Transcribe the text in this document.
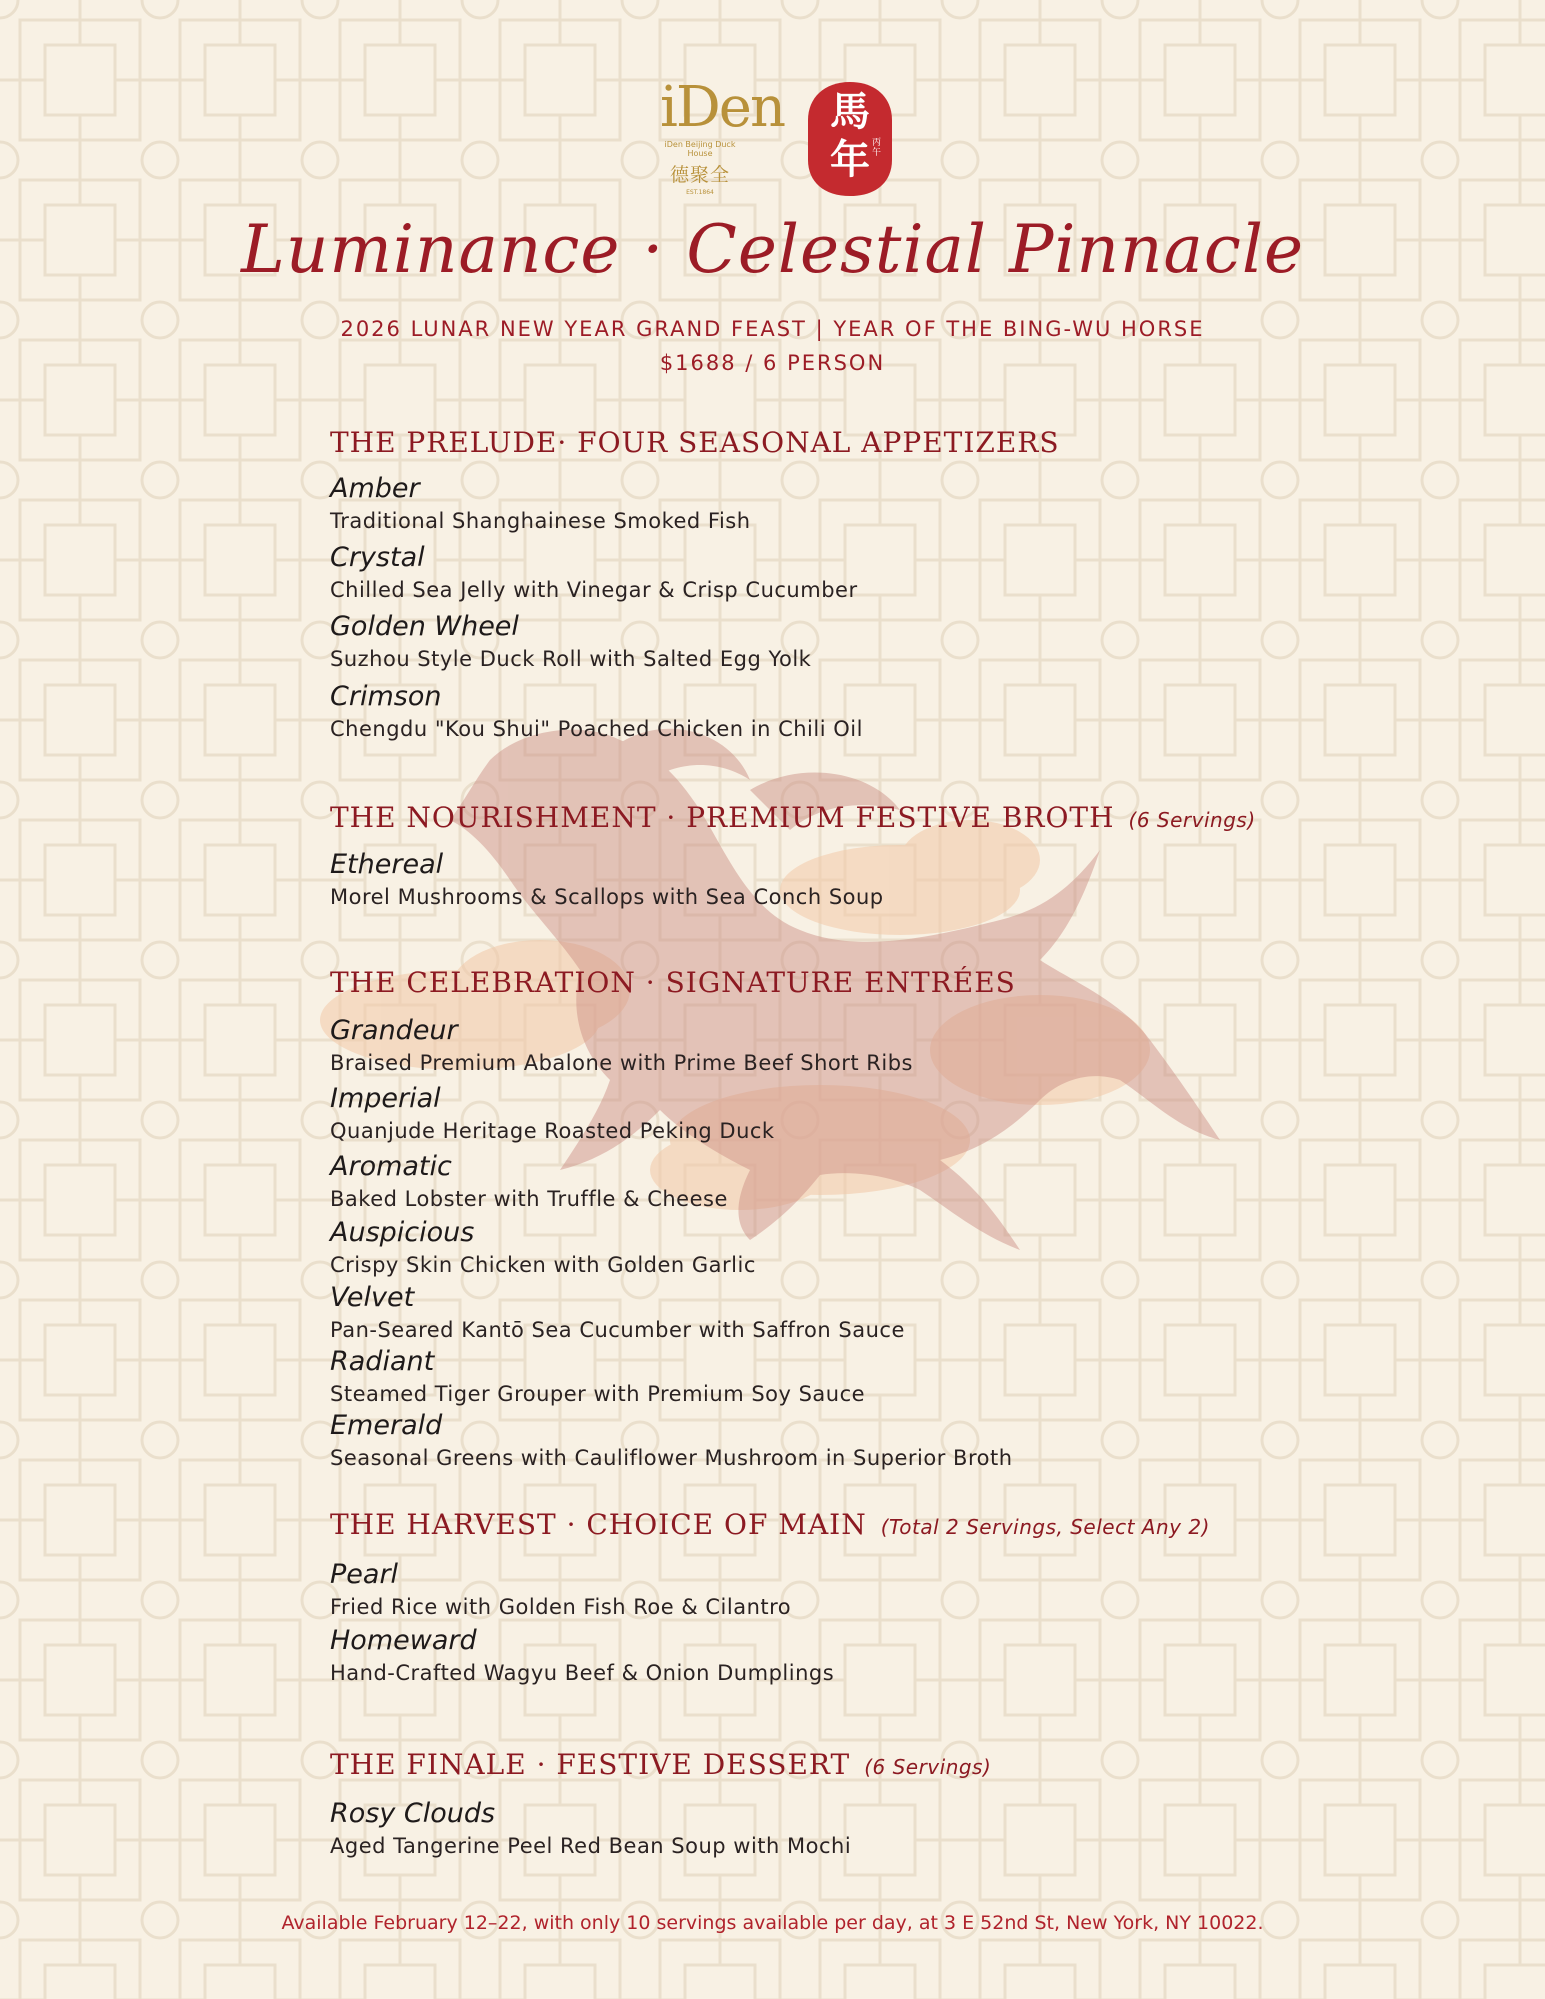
iDen
iDen Beijing Duck House
德聚全
EST.1864
馬
年 丙午
Luminance · Celestial Pinnacle
2026 LUNAR NEW YEAR GRAND FEAST | YEAR OF THE BING-WU HORSE
$1688 / 6 PERSON
THE PRELUDE· FOUR SEASONAL APPETIZERS
Amber
Traditional Shanghainese Smoked Fish
Crystal
Chilled Sea Jelly with Vinegar & Crisp Cucumber
Golden Wheel
Suzhou Style Duck Roll with Salted Egg Yolk
Crimson
Chengdu "Kou Shui" Poached Chicken in Chili Oil
THE NOURISHMENT · PREMIUM FESTIVE BROTH (6 Servings)
Ethereal
Morel Mushrooms & Scallops with Sea Conch Soup
THE CELEBRATION · SIGNATURE ENTRÉES
Grandeur
Braised Premium Abalone with Prime Beef Short Ribs
Imperial
Quanjude Heritage Roasted Peking Duck
Aromatic
Baked Lobster with Truffle & Cheese
Auspicious
Crispy Skin Chicken with Golden Garlic
Velvet
Pan-Seared Kantō Sea Cucumber with Saffron Sauce
Radiant
Steamed Tiger Grouper with Premium Soy Sauce
Emerald
Seasonal Greens with Cauliflower Mushroom in Superior Broth
THE HARVEST · CHOICE OF MAIN (Total 2 Servings, Select Any 2)
Pearl
Fried Rice with Golden Fish Roe & Cilantro
Homeward
Hand-Crafted Wagyu Beef & Onion Dumplings
THE FINALE · FESTIVE DESSERT (6 Servings)
Rosy Clouds
Aged Tangerine Peel Red Bean Soup with Mochi
Available February 12–22, with only 10 servings available per day, at 3 E 52nd St, New York, NY 10022.
